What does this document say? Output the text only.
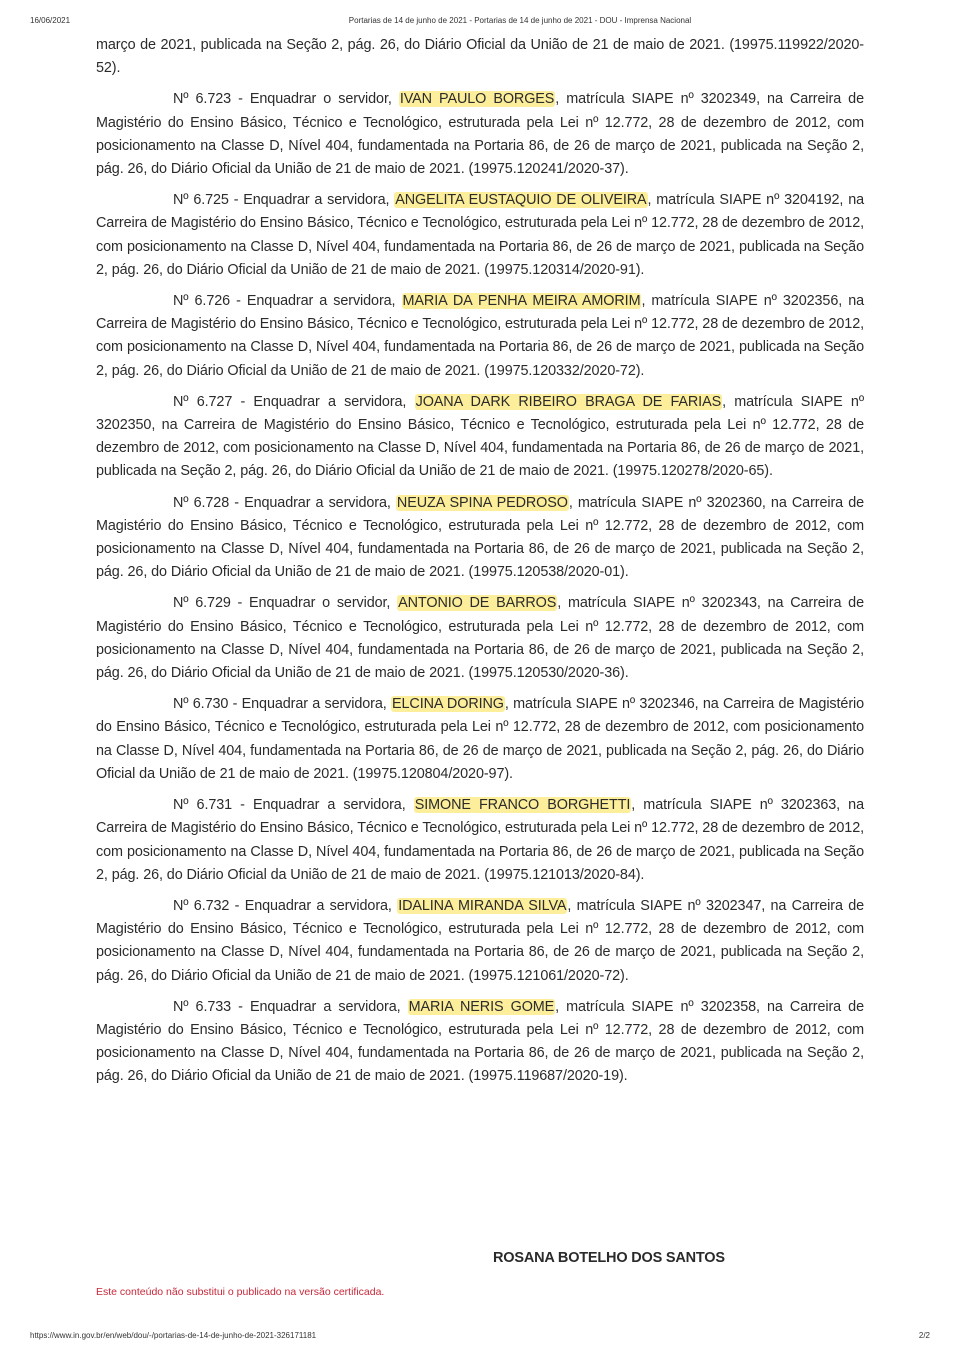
16/06/2021	Portarias de 14 de junho de 2021 - Portarias de 14 de junho de 2021 - DOU - Imprensa Nacional

março de 2021, publicada na Seção 2, pág. 26, do Diário Oficial da União de 21 de maio de 2021. (19975.119922/2020-52).

Nº 6.723 - Enquadrar o servidor, IVAN PAULO BORGES, matrícula SIAPE nº 3202349, na Carreira de Magistério do Ensino Básico, Técnico e Tecnológico, estruturada pela Lei nº 12.772, 28 de dezembro de 2012, com posicionamento na Classe D, Nível 404, fundamentada na Portaria 86, de 26 de março de 2021, publicada na Seção 2, pág. 26, do Diário Oficial da União de 21 de maio de 2021. (19975.120241/2020-37).

Nº 6.725 - Enquadrar a servidora, ANGELITA EUSTAQUIO DE OLIVEIRA, matrícula SIAPE nº 3204192, na Carreira de Magistério do Ensino Básico, Técnico e Tecnológico, estruturada pela Lei nº 12.772, 28 de dezembro de 2012, com posicionamento na Classe D, Nível 404, fundamentada na Portaria 86, de 26 de março de 2021, publicada na Seção 2, pág. 26, do Diário Oficial da União de 21 de maio de 2021. (19975.120314/2020-91).

Nº 6.726 - Enquadrar a servidora, MARIA DA PENHA MEIRA AMORIM, matrícula SIAPE nº 3202356, na Carreira de Magistério do Ensino Básico, Técnico e Tecnológico, estruturada pela Lei nº 12.772, 28 de dezembro de 2012, com posicionamento na Classe D, Nível 404, fundamentada na Portaria 86, de 26 de março de 2021, publicada na Seção 2, pág. 26, do Diário Oficial da União de 21 de maio de 2021. (19975.120332/2020-72).

Nº 6.727 - Enquadrar a servidora, JOANA DARK RIBEIRO BRAGA DE FARIAS, matrícula SIAPE nº 3202350, na Carreira de Magistério do Ensino Básico, Técnico e Tecnológico, estruturada pela Lei nº 12.772, 28 de dezembro de 2012, com posicionamento na Classe D, Nível 404, fundamentada na Portaria 86, de 26 de março de 2021, publicada na Seção 2, pág. 26, do Diário Oficial da União de 21 de maio de 2021. (19975.120278/2020-65).

Nº 6.728 - Enquadrar a servidora, NEUZA SPINA PEDROSO, matrícula SIAPE nº 3202360, na Carreira de Magistério do Ensino Básico, Técnico e Tecnológico, estruturada pela Lei nº 12.772, 28 de dezembro de 2012, com posicionamento na Classe D, Nível 404, fundamentada na Portaria 86, de 26 de março de 2021, publicada na Seção 2, pág. 26, do Diário Oficial da União de 21 de maio de 2021. (19975.120538/2020-01).

Nº 6.729 - Enquadrar o servidor, ANTONIO DE BARROS, matrícula SIAPE nº 3202343, na Carreira de Magistério do Ensino Básico, Técnico e Tecnológico, estruturada pela Lei nº 12.772, 28 de dezembro de 2012, com posicionamento na Classe D, Nível 404, fundamentada na Portaria 86, de 26 de março de 2021, publicada na Seção 2, pág. 26, do Diário Oficial da União de 21 de maio de 2021. (19975.120530/2020-36).

Nº 6.730 - Enquadrar a servidora, ELCINA DORING, matrícula SIAPE nº 3202346, na Carreira de Magistério do Ensino Básico, Técnico e Tecnológico, estruturada pela Lei nº 12.772, 28 de dezembro de 2012, com posicionamento na Classe D, Nível 404, fundamentada na Portaria 86, de 26 de março de 2021, publicada na Seção 2, pág. 26, do Diário Oficial da União de 21 de maio de 2021. (19975.120804/2020-97).

Nº 6.731 - Enquadrar a servidora, SIMONE FRANCO BORGHETTI, matrícula SIAPE nº 3202363, na Carreira de Magistério do Ensino Básico, Técnico e Tecnológico, estruturada pela Lei nº 12.772, 28 de dezembro de 2012, com posicionamento na Classe D, Nível 404, fundamentada na Portaria 86, de 26 de março de 2021, publicada na Seção 2, pág. 26, do Diário Oficial da União de 21 de maio de 2021. (19975.121013/2020-84).

Nº 6.732 - Enquadrar a servidora, IDALINA MIRANDA SILVA, matrícula SIAPE nº 3202347, na Carreira de Magistério do Ensino Básico, Técnico e Tecnológico, estruturada pela Lei nº 12.772, 28 de dezembro de 2012, com posicionamento na Classe D, Nível 404, fundamentada na Portaria 86, de 26 de março de 2021, publicada na Seção 2, pág. 26, do Diário Oficial da União de 21 de maio de 2021. (19975.121061/2020-72).

Nº 6.733 - Enquadrar a servidora, MARIA NERIS GOME, matrícula SIAPE nº 3202358, na Carreira de Magistério do Ensino Básico, Técnico e Tecnológico, estruturada pela Lei nº 12.772, 28 de dezembro de 2012, com posicionamento na Classe D, Nível 404, fundamentada na Portaria 86, de 26 de março de 2021, publicada na Seção 2, pág. 26, do Diário Oficial da União de 21 de maio de 2021. (19975.119687/2020-19).

ROSANA BOTELHO DOS SANTOS
Este conteúdo não substitui o publicado na versão certificada.
https://www.in.gov.br/en/web/dou/-/portarias-de-14-de-junho-de-2021-326171181	2/2
